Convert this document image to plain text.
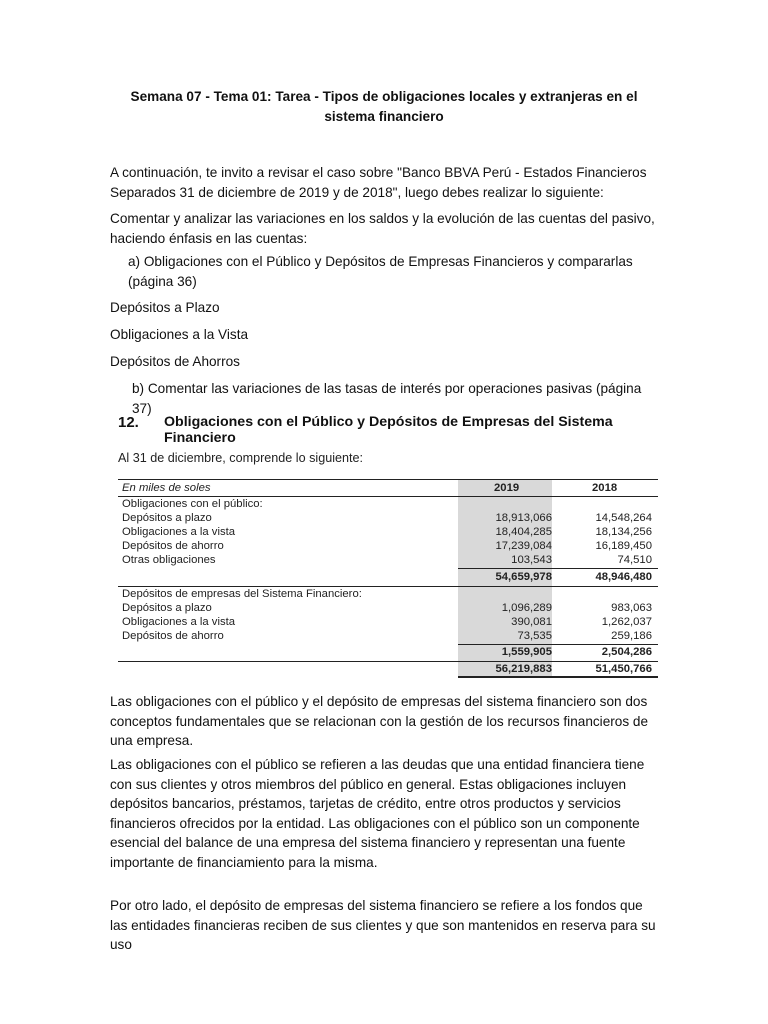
Semana 07 - Tema 01: Tarea - Tipos de obligaciones locales y extranjeras en el sistema financiero
A continuación, te invito a revisar el caso sobre "Banco BBVA Perú - Estados Financieros Separados 31 de diciembre de 2019 y de 2018", luego debes realizar lo siguiente:
Comentar y analizar las variaciones en los saldos y la evolución de las cuentas del pasivo, haciendo énfasis en las cuentas:
a) Obligaciones con el Público y Depósitos de Empresas Financieros y compararlas (página 36)
Depósitos a Plazo
Obligaciones a la Vista
Depósitos de Ahorros
b) Comentar las variaciones de las tasas de interés por operaciones pasivas (página 37)
12. Obligaciones con el Público y Depósitos de Empresas del Sistema Financiero
Al 31 de diciembre, comprende lo siguiente:
En miles de soles	2019	2018
Obligaciones con el público:
Depósitos a plazo	18,913,066	14,548,264
Obligaciones a la vista	18,404,285	18,134,256
Depósitos de ahorro	17,239,084	16,189,450
Otras obligaciones	103,543	74,510
54,659,978	48,946,480
Depósitos de empresas del Sistema Financiero:
Depósitos a plazo	1,096,289	983,063
Obligaciones a la vista	390,081	1,262,037
Depósitos de ahorro	73,535	259,186
1,559,905	2,504,286
56,219,883	51,450,766
Las obligaciones con el público y el depósito de empresas del sistema financiero son dos conceptos fundamentales que se relacionan con la gestión de los recursos financieros de una empresa.
Las obligaciones con el público se refieren a las deudas que una entidad financiera tiene con sus clientes y otros miembros del público en general. Estas obligaciones incluyen depósitos bancarios, préstamos, tarjetas de crédito, entre otros productos y servicios financieros ofrecidos por la entidad. Las obligaciones con el público son un componente esencial del balance de una empresa del sistema financiero y representan una fuente importante de financiamiento para la misma.
Por otro lado, el depósito de empresas del sistema financiero se refiere a los fondos que las entidades financieras reciben de sus clientes y que son mantenidos en reserva para su uso
